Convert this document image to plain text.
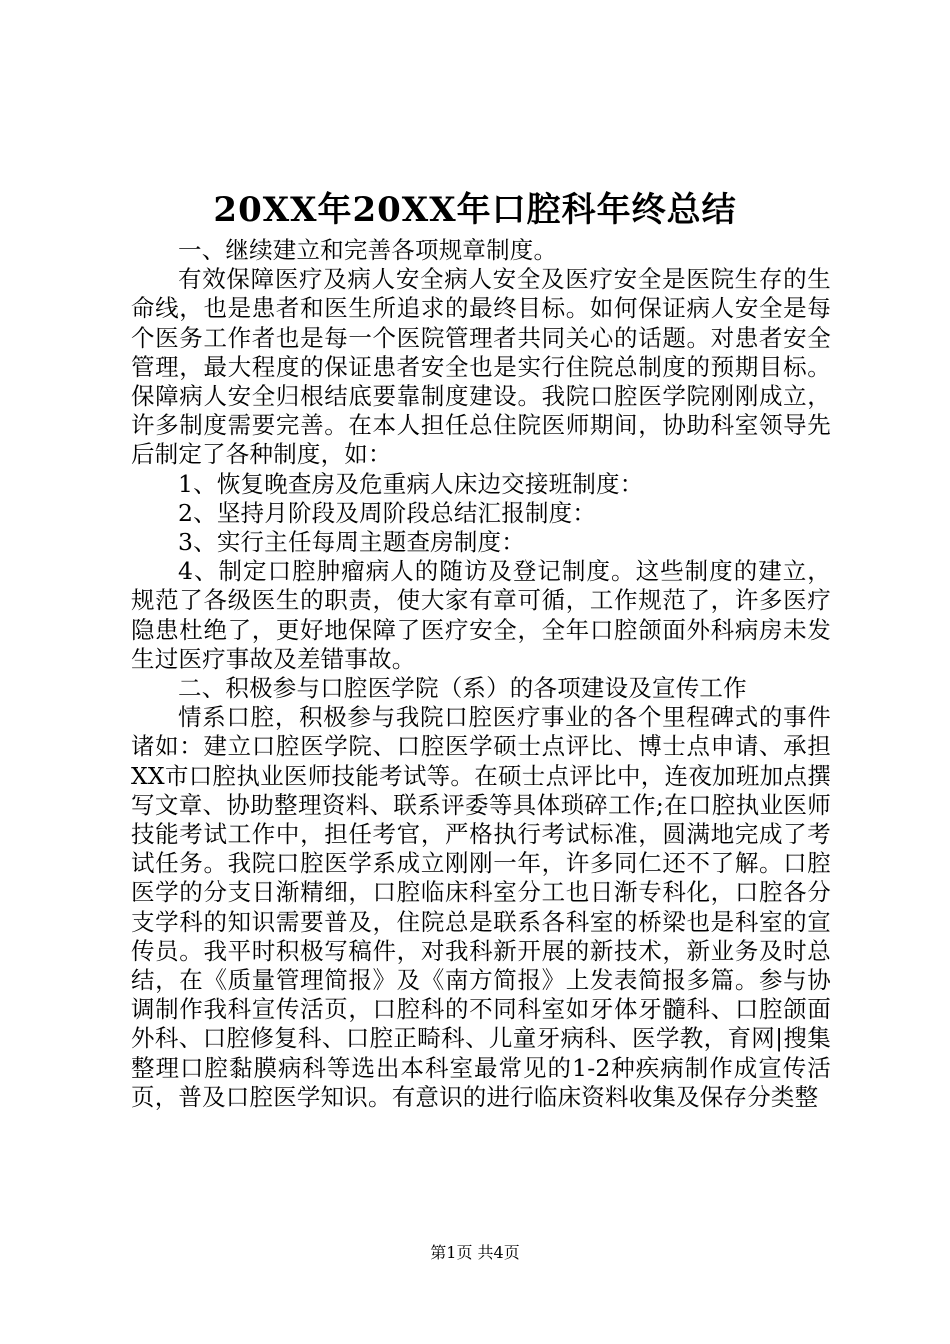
20XX年20XX年口腔科年终总结

一、继续建立和完善各项规章制度。

有效保障医疗及病人安全病人安全及医疗安全是医院生存的生命线，也是患者和医生所追求的最终目标。如何保证病人安全是每个医务工作者也是每一个医院管理者共同关心的话题。对患者安全管理，最大程度的保证患者安全也是实行住院总制度的预期目标。保障病人安全归根结底要靠制度建设。我院口腔医学院刚刚成立，许多制度需要完善。在本人担任总住院医师期间，协助科室领导先后制定了各种制度，如：

1、恢复晚查房及危重病人床边交接班制度：

2、坚持月阶段及周阶段总结汇报制度：

3、实行主任每周主题查房制度：

4、制定口腔肿瘤病人的随访及登记制度。这些制度的建立，规范了各级医生的职责，使大家有章可循，工作规范了，许多医疗隐患杜绝了，更好地保障了医疗安全，全年口腔颌面外科病房未发生过医疗事故及差错事故。

二、积极参与口腔医学院（系）的各项建设及宣传工作

情系口腔，积极参与我院口腔医疗事业的各个里程碑式的事件诸如：建立口腔医学院、口腔医学硕士点评比、博士点申请、承担XX市口腔执业医师技能考试等。在硕士点评比中，连夜加班加点撰写文章、协助整理资料、联系评委等具体琐碎工作;在口腔执业医师技能考试工作中，担任考官，严格执行考试标准，圆满地完成了考试任务。我院口腔医学系成立刚刚一年，许多同仁还不了解。口腔医学的分支日渐精细，口腔临床科室分工也日渐专科化，口腔各分支学科的知识需要普及，住院总是联系各科室的桥梁也是科室的宣传员。我平时积极写稿件，对我科新开展的新技术，新业务及时总结，在《质量管理简报》及《南方简报》上发表简报多篇。参与协调制作我科宣传活页，口腔科的不同科室如牙体牙髓科、口腔颌面外科、口腔修复科、口腔正畸科、儿童牙病科、医学教，育网|搜集整理口腔黏膜病科等选出本科室最常见的1-2种疾病制作成宣传活页，普及口腔医学知识。有意识的进行临床资料收集及保存分类整

第1页 共4页
